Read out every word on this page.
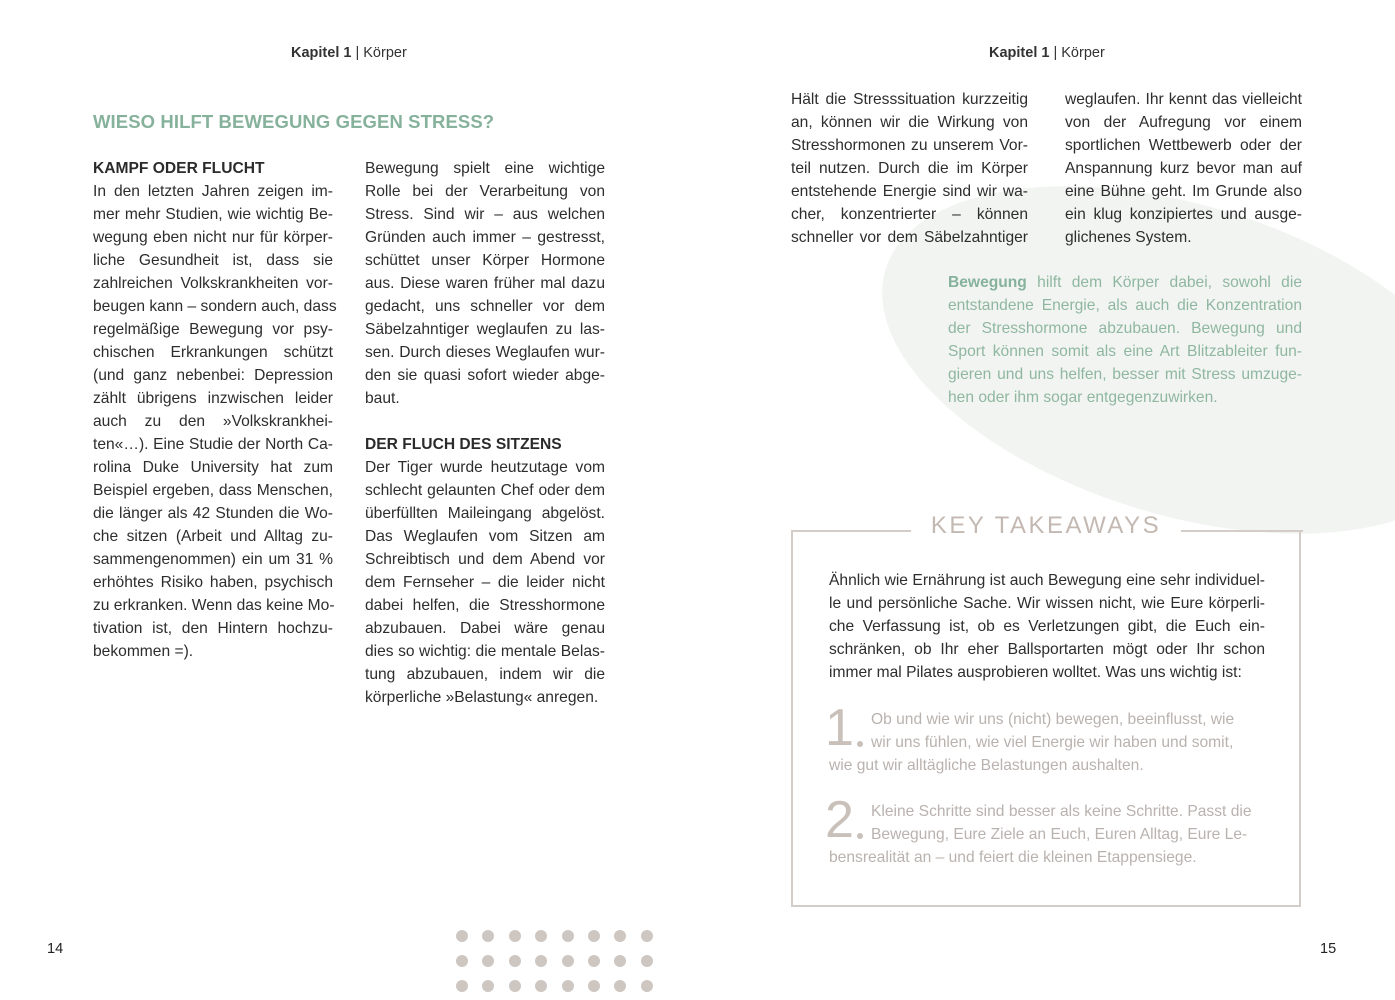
Kapitel 1 | Körper
WIESO HILFT BEWEGUNG GEGEN STRESS?
KAMPF ODER FLUCHT

In den letzten Jahren zeigen im-
mer mehr Studien, wie wichtig Be-
wegung eben nicht nur für körper-
liche Gesundheit ist, dass sie
zahlreichen Volkskrankheiten vor-
beugen kann – sondern auch, dass
regelmäßige Bewegung vor psy-
chischen Erkrankungen schützt
(und ganz nebenbei: Depression
zählt übrigens inzwischen leider
auch zu den »Volkskrankhei-
ten«…). Eine Studie der North Ca-
rolina Duke University hat zum
Beispiel ergeben, dass Menschen,
die länger als 42 Stunden die Wo-
che sitzen (Arbeit und Alltag zu-
sammengenommen) ein um 31 %
erhöhtes Risiko haben, psychisch
zu erkranken. Wenn das keine Mo-
tivation ist, den Hintern hochzu-
bekommen =).

Bewegung spielt eine wichtige
Rolle bei der Verarbeitung von
Stress. Sind wir – aus welchen
Gründen auch immer – gestresst,
schüttet unser Körper Hormone
aus. Diese waren früher mal dazu
gedacht, uns schneller vor dem
Säbelzahntiger weglaufen zu las-
sen. Durch dieses Weglaufen wur-
den sie quasi sofort wieder abge-
baut.

DER FLUCH DES SITZENS

Der Tiger wurde heutzutage vom
schlecht gelaunten Chef oder dem
überfüllten Maileingang abgelöst.
Das Weglaufen vom Sitzen am
Schreibtisch und dem Abend vor
dem Fernseher – die leider nicht
dabei helfen, die Stresshormone
abzubauen. Dabei wäre genau
dies so wichtig: die mentale Belas-
tung abzubauen, indem wir die
körperliche »Belastung« anregen.

14
Kapitel 1 | Körper

Hält die Stresssituation kurzzeitig
an, können wir die Wirkung von
Stresshormonen zu unserem Vor-
teil nutzen. Durch die im Körper
entstehende Energie sind wir wa-
cher, konzentrierter – können
schneller vor dem Säbelzahntiger

weglaufen. Ihr kennt das vielleicht
von der Aufregung vor einem
sportlichen Wettbewerb oder der
Anspannung kurz bevor man auf
eine Bühne geht. Im Grunde also
ein klug konzipiertes und ausge-
glichenes System.

Bewegung hilft dem Körper dabei, sowohl die
entstandene Energie, als auch die Konzentration
der Stresshormone abzubauen. Bewegung und
Sport können somit als eine Art Blitzableiter fun-
gieren und uns helfen, besser mit Stress umzuge-
hen oder ihm sogar entgegenzuwirken.
KEY TAKEAWAYS
Ähnlich wie Ernährung ist auch Bewegung eine sehr individuel-
le und persönliche Sache. Wir wissen nicht, wie Eure körperli-
che Verfassung ist, ob es Verletzungen gibt, die Euch ein-
schränken, ob Ihr eher Ballsportarten mögt oder Ihr schon
immer mal Pilates ausprobieren wolltet. Was uns wichtig ist:
1	Ob und wie wir uns (nicht) bewegen, beeinflusst, wie
wir uns fühlen, wie viel Energie wir haben und somit,
wie gut wir alltägliche Belastungen aushalten.
2	Kleine Schritte sind besser als keine Schritte. Passt die
Bewegung, Eure Ziele an Euch, Euren Alltag, Eure Le-
bensrealität an – und feiert die kleinen Etappensiege.
15
